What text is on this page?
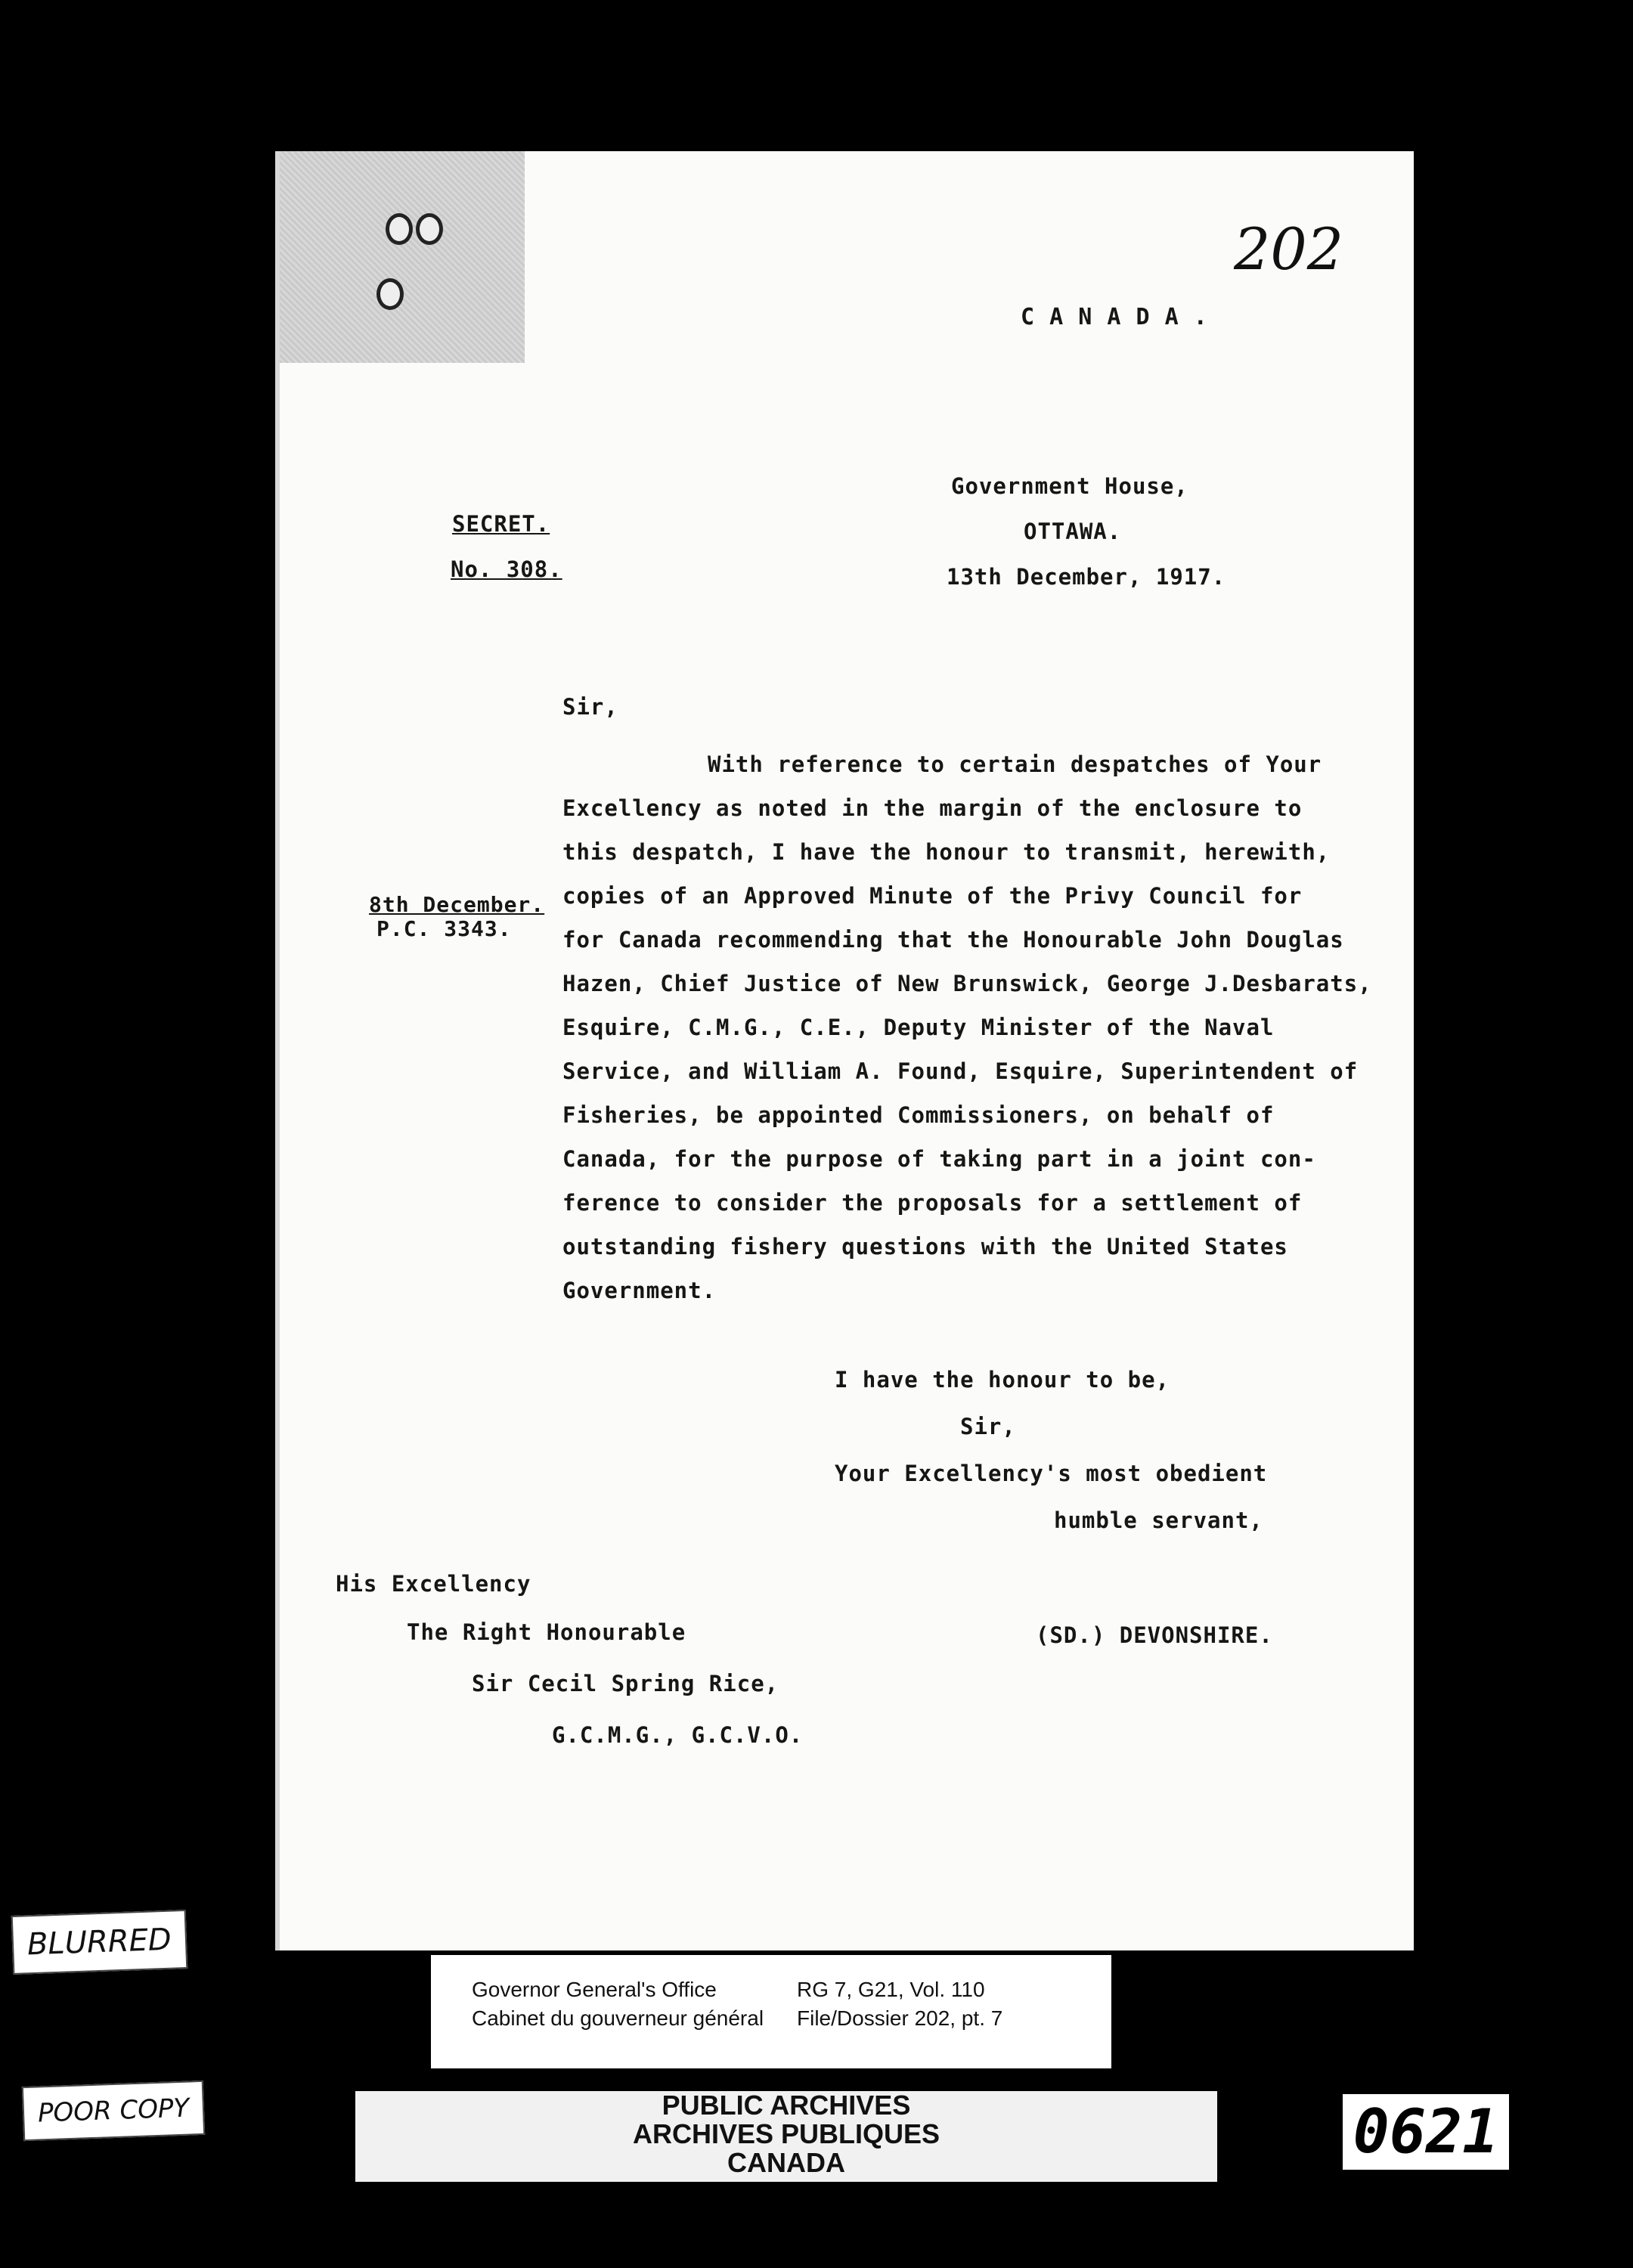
202
C A N A D A .
Government House,
OTTAWA.
13th December, 1917.
SECRET.
No. 308.
Sir,
With reference to certain despatches of Your
Excellency as noted in the margin of the enclosure to
this despatch, I have the honour to transmit, herewith,
copies of an Approved Minute of the Privy Council for
for Canada recommending that the Honourable John Douglas
Hazen, Chief Justice of New Brunswick, George J.Desbarats,
Esquire, C.M.G., C.E., Deputy Minister of the Naval
Service, and William A. Found, Esquire, Superintendent of
Fisheries, be appointed Commissioners, on behalf of
Canada, for the purpose of taking part in a joint con-
ference to consider the proposals for a settlement of
outstanding fishery questions with the United States
Government.
8th December.
P.C. 3343.
I have the honour to be,
Sir,
Your Excellency's most obedient
humble servant,
His Excellency
The Right Honourable
Sir Cecil Spring Rice,
G.C.M.G., G.C.V.O.
(SD.) DEVONSHIRE.
BLURRED
POOR COPY
Governor General's Office
Cabinet du gouverneur général
RG 7, G21, Vol. 110
File/Dossier 202, pt. 7
PUBLIC ARCHIVES
ARCHIVES PUBLIQUES
CANADA	0621
